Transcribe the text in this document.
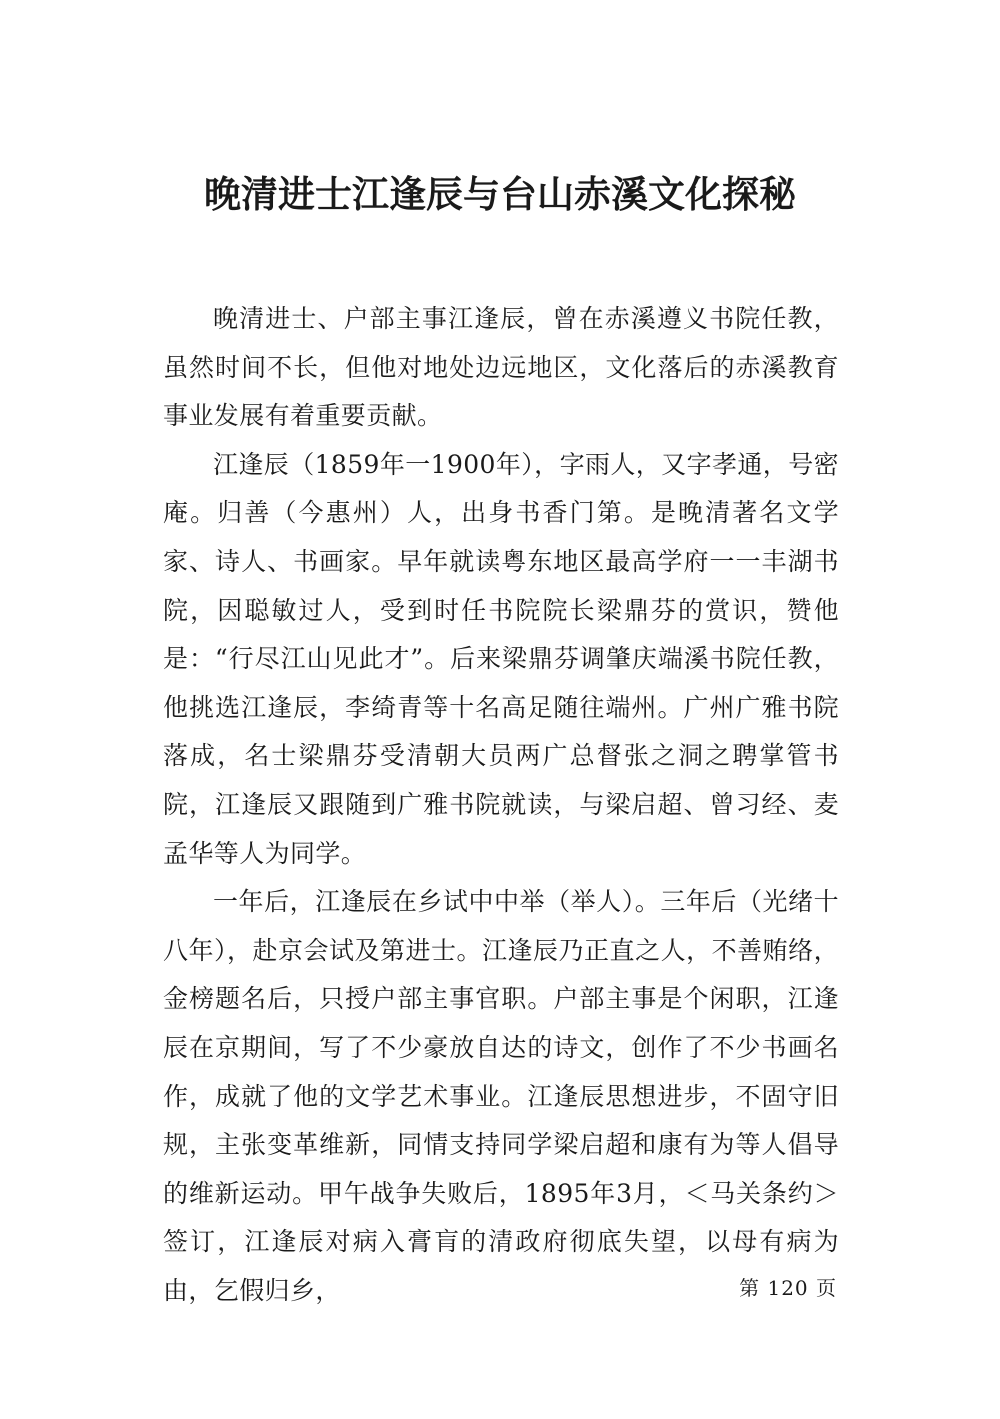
晚清进士江逢辰与台山赤溪文化探秘

晚清进士、户部主事江逢辰，曾在赤溪遵义书院任教，虽然时间不长，但他对地处边远地区，文化落后的赤溪教育事业发展有着重要贡献。

江逢辰（1859年一1900年），字雨人，又字孝通，号密庵。归善（今惠州）人，出身书香门第。是晚清著名文学家、诗人、书画家。早年就读粤东地区最高学府一一丰湖书院，因聪敏过人，受到时任书院院长梁鼎芬的赏识，赞他是：“行尽江山见此才”。后来梁鼎芬调肇庆端溪书院任教，他挑选江逢辰，李绮青等十名高足随往端州。广州广雅书院落成，名士梁鼎芬受清朝大员两广总督张之洞之聘掌管书院，江逢辰又跟随到广雅书院就读，与梁启超、曾习经、麦孟华等人为同学。

一年后，江逢辰在乡试中中举（举人）。三年后（光绪十八年），赴京会试及第进士。江逢辰乃正直之人，不善贿络，金榜题名后，只授户部主事官职。户部主事是个闲职，江逢辰在京期间，写了不少豪放自达的诗文，创作了不少书画名作，成就了他的文学艺术事业。江逢辰思想进步，不固守旧规，主张变革维新，同情支持同学梁启超和康有为等人倡导的维新运动。甲午战争失败后，1895年3月，＜马关条约＞签订，江逢辰对病入膏肓的清政府彻底失望，以母有病为由，乞假归乡，	第 120 页
